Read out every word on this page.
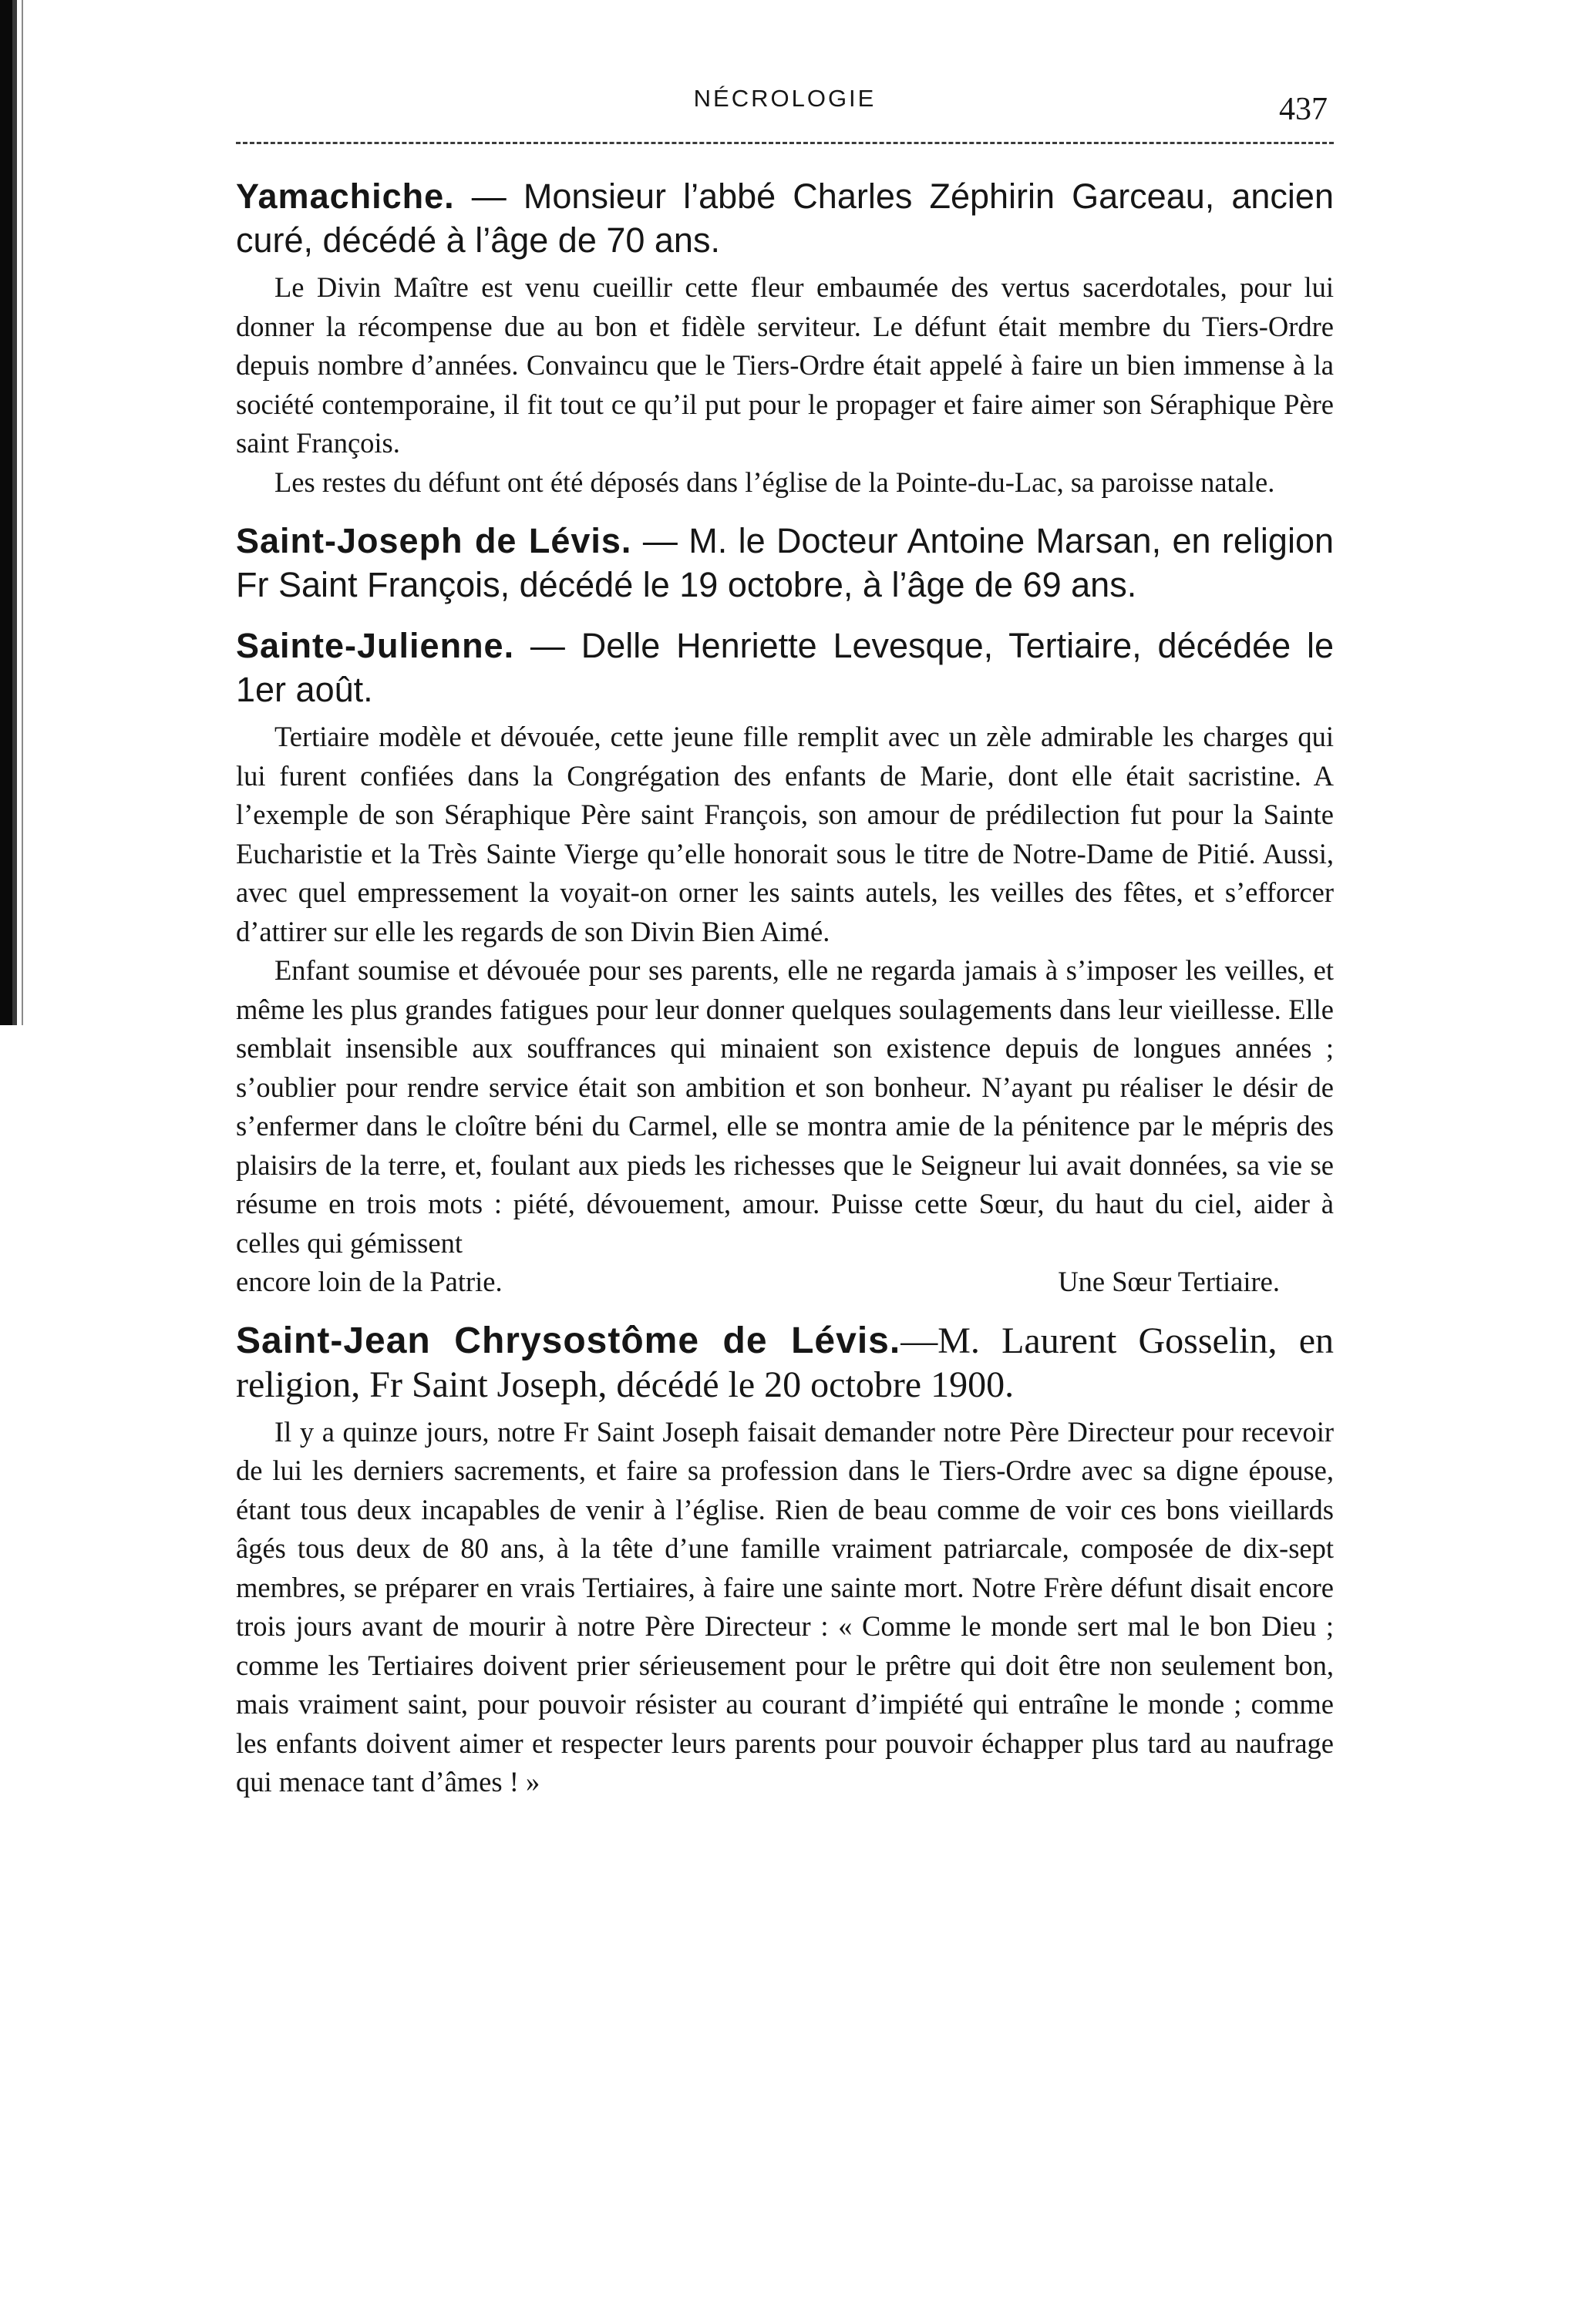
NÉCROLOGIE	437

Yamachiche. — Monsieur l’abbé Charles Zéphirin Garceau, ancien curé, décédé à l’âge de 70 ans.

Le Divin Maître est venu cueillir cette fleur embaumée des vertus sacerdotales, pour lui donner la récompense due au bon et fidèle serviteur. Le défunt était membre du Tiers-Ordre depuis nombre d’années. Convaincu que le Tiers-Ordre était appelé à faire un bien immense à la société contemporaine, il fit tout ce qu’il put pour le propager et faire aimer son Séraphique Père saint François.

Les restes du défunt ont été déposés dans l’église de la Pointe-du-Lac, sa paroisse natale.

Saint-Joseph de Lévis. — M. le Docteur Antoine Marsan, en religion Fr Saint François, décédé le 19 octobre, à l’âge de 69 ans.

Sainte-Julienne. — Delle Henriette Levesque, Tertiaire, décédée le 1er août.

Tertiaire modèle et dévouée, cette jeune fille remplit avec un zèle admirable les charges qui lui furent confiées dans la Congrégation des enfants de Marie, dont elle était sacristine. A l’exemple de son Séraphique Père saint François, son amour de prédilection fut pour la Sainte Eucharistie et la Très Sainte Vierge qu’elle honorait sous le titre de Notre-Dame de Pitié. Aussi, avec quel empressement la voyait-on orner les saints autels, les veilles des fêtes, et s’efforcer d’attirer sur elle les regards de son Divin Bien Aimé.

Enfant soumise et dévouée pour ses parents, elle ne regarda jamais à s’imposer les veilles, et même les plus grandes fatigues pour leur donner quelques soulagements dans leur vieillesse. Elle semblait insensible aux souffrances qui minaient son existence depuis de longues années ; s’oublier pour rendre service était son ambition et son bonheur. N’ayant pu réaliser le désir de s’enfermer dans le cloître béni du Carmel, elle se montra amie de la pénitence par le mépris des plaisirs de la terre, et, foulant aux pieds les richesses que le Seigneur lui avait données, sa vie se résume en trois mots : piété, dévouement, amour. Puisse cette Sœur, du haut du ciel, aider à celles qui gémissent

encore loin de la Patrie.	Une Sœur Tertiaire.

Saint-Jean Chrysostôme de Lévis.—M. Laurent Gosselin, en religion, Fr Saint Joseph, décédé le 20 octobre 1900.

Il y a quinze jours, notre Fr Saint Joseph faisait demander notre Père Directeur pour recevoir de lui les derniers sacrements, et faire sa profession dans le Tiers-Ordre avec sa digne épouse, étant tous deux incapables de venir à l’église. Rien de beau comme de voir ces bons vieillards âgés tous deux de 80 ans, à la tête d’une famille vraiment patriarcale, composée de dix-sept membres, se préparer en vrais Tertiaires, à faire une sainte mort. Notre Frère défunt disait encore trois jours avant de mourir à notre Père Directeur : « Comme le monde sert mal le bon Dieu ; comme les Tertiaires doivent prier sérieusement pour le prêtre qui doit être non seulement bon, mais vraiment saint, pour pouvoir résister au courant d’impiété qui entraîne le monde ; comme les enfants doivent aimer et respecter leurs parents pour pouvoir échapper plus tard au naufrage qui menace tant d’âmes ! »
